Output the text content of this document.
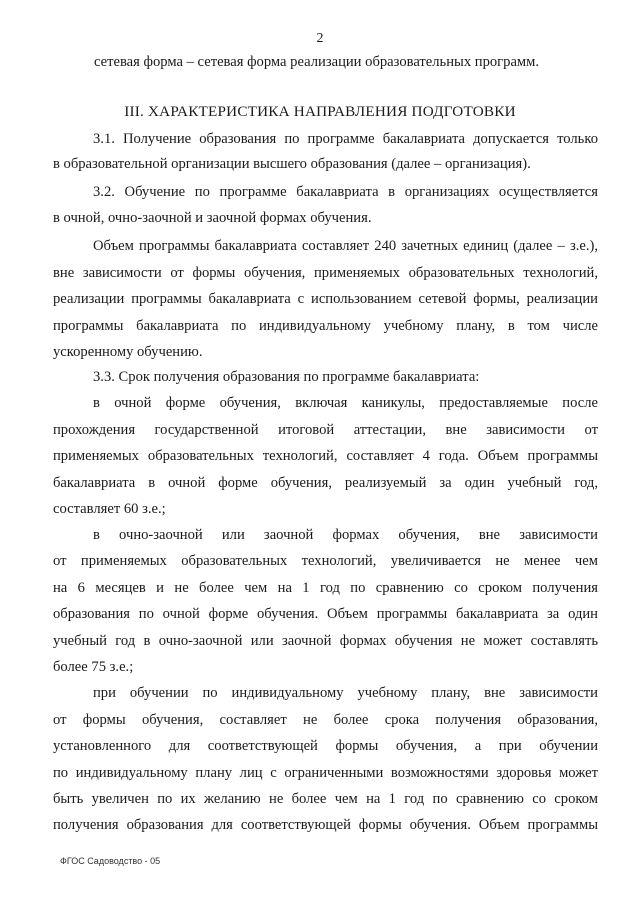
2
сетевая форма – сетевая форма реализации образовательных программ.
III. ХАРАКТЕРИСТИКА НАПРАВЛЕНИЯ ПОДГОТОВКИ
3.1. Получение образования по программе бакалавриата допускается только
в образовательной организации высшего образования (далее – организация).
3.2. Обучение по программе бакалавриата в организациях осуществляется
в очной, очно-заочной и заочной формах обучения.
Объем программы бакалавриата составляет 240 зачетных единиц (далее – з.е.),
вне зависимости от формы обучения, применяемых образовательных технологий,
реализации программы бакалавриата с использованием сетевой формы, реализации
программы бакалавриата по индивидуальному учебному плану, в том числе
ускоренному обучению.
3.3. Срок получения образования по программе бакалавриата:
в очной форме обучения, включая каникулы, предоставляемые после
прохождения государственной итоговой аттестации, вне зависимости от
применяемых образовательных технологий, составляет 4 года. Объем программы
бакалавриата в очной форме обучения, реализуемый за один учебный год,
составляет 60 з.е.;
в очно-заочной или заочной формах обучения, вне зависимости
от применяемых образовательных технологий, увеличивается не менее чем
на 6 месяцев и не более чем на 1 год по сравнению со сроком получения
образования по очной форме обучения. Объем программы бакалавриата за один
учебный год в очно-заочной или заочной формах обучения не может составлять
более 75 з.е.;
при обучении по индивидуальному учебному плану, вне зависимости
от формы обучения, составляет не более срока получения образования,
установленного для соответствующей формы обучения, а при обучении
по индивидуальному плану лиц с ограниченными возможностями здоровья может
быть увеличен по их желанию не более чем на 1 год по сравнению со сроком
получения образования для соответствующей формы обучения. Объем программы
ФГОС Садоводство - 05
